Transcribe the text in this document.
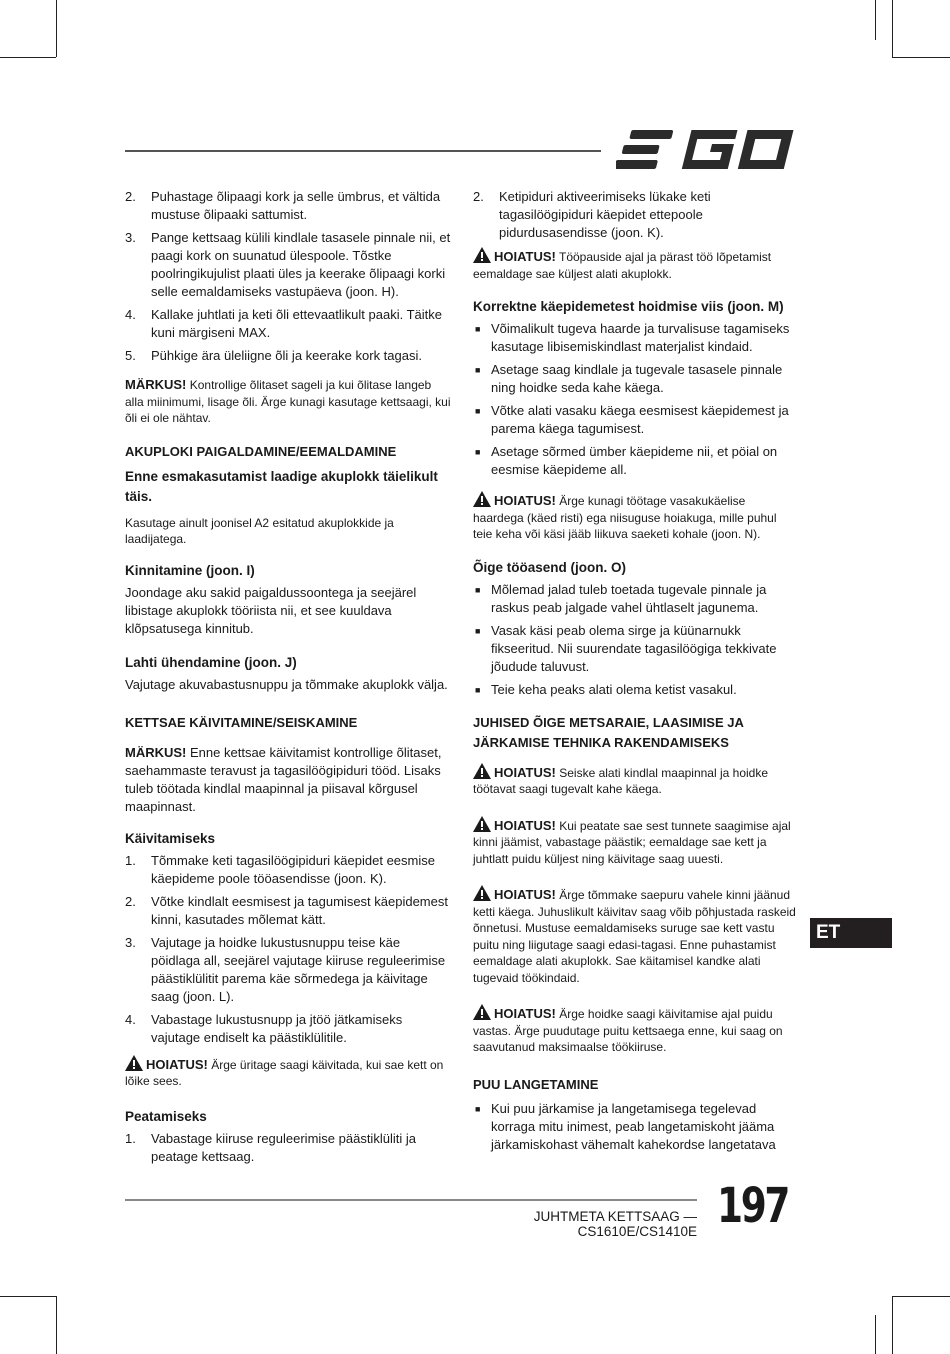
2.	Puhastage õlipaagi kork ja selle ümbrus, et vältida mustuse õlipaaki sattumist.
3.	Pange kettsaag külili kindlale tasasele pinnale nii, et paagi kork on suunatud ülespoole. Tõstke poolringikujulist plaati üles ja keerake õlipaagi korki selle eemaldamiseks vastupäeva (joon. H).
4.	Kallake juhtlati ja keti õli ettevaatlikult paaki. Täitke kuni märgiseni MAX.
5.	Pühkige ära üleliigne õli ja keerake kork tagasi.

MÄRKUS! Kontrollige õlitaset sageli ja kui õlitase langeb alla miinimumi, lisage õli. Ärge kunagi kasutage kettsaagi, kui õli ei ole nähtav.

AKUPLOKI PAIGALDAMINE/EEMALDAMINE
Enne esmakasutamist laadige akuplokk täielikult täis.

Kasutage ainult joonisel A2 esitatud akuplokkide ja laadijatega.

Kinnitamine (joon. I)

Joondage aku sakid paigaldussoontega ja seejärel libistage akuplokk tööriista nii, et see kuuldava klõpsatusega kinnitub.

Lahti ühendamine (joon. J)

Vajutage akuvabastusnuppu ja tõmmake akuplokk välja.

KETTSAE KÄIVITAMINE/SEISKAMINE

MÄRKUS! Enne kettsae käivitamist kontrollige õlitaset, saehammaste teravust ja tagasilöögipiduri tööd. Lisaks tuleb töötada kindlal maapinnal ja piisaval kõrgusel maapinnast.

Käivitamiseks
1.	Tõmmake keti tagasilöögipiduri käepidet eesmise käepideme poole tööasendisse (joon. K).
2.	Võtke kindlalt eesmisest ja tagumisest käepidemest kinni, kasutades mõlemat kätt.
3.	Vajutage ja hoidke lukustusnuppu teise käe pöidlaga all, seejärel vajutage kiiruse reguleerimise päästiklülitit parema käe sõrmedega ja käivitage saag (joon. L).
4.	Vabastage lukustusnupp ja jtöö jätkamiseks vajutage endiselt ka päästiklülitile.

HOIATUS! Ärge üritage saagi käivitada, kui sae kett on lõike sees.

Peatamiseks
1.	Vabastage kiiruse reguleerimise päästiklüliti ja peatage kettsaag.
2.	Ketipiduri aktiveerimiseks lükake keti tagasilöögipiduri käepidet ettepoole pidurdusasendisse (joon. K).

HOIATUS! Tööpauside ajal ja pärast töö lõpetamist eemaldage sae küljest alati akuplokk.

Korrektne käepidemetest hoidmise viis (joon. M)
■ Võimalikult tugeva haarde ja turvalisuse tagamiseks kasutage libisemiskindlast materjalist kindaid.
■ Asetage saag kindlale ja tugevale tasasele pinnale ning hoidke seda kahe käega.
■ Võtke alati vasaku käega eesmisest käepidemest ja parema käega tagumisest.
■ Asetage sõrmed ümber käepideme nii, et pöial on eesmise käepideme all.

HOIATUS! Ärge kunagi töötage vasakukäelise haardega (käed risti) ega niisuguse hoiakuga, mille puhul teie keha või käsi jääb liikuva saeketi kohale (joon. N).

Õige tööasend (joon. O)
■ Mõlemad jalad tuleb toetada tugevale pinnale ja raskus peab jalgade vahel ühtlaselt jagunema.
■ Vasak käsi peab olema sirge ja küünarnukk fikseeritud. Nii suurendate tagasilöögiga tekkivate jõudude taluvust.
■ Teie keha peaks alati olema ketist vasakul.
JUHISED ÕIGE METSARAIE, LAASIMISE JA JÄRKAMISE TEHNIKA RAKENDAMISEKS

HOIATUS! Seiske alati kindlal maapinnal ja hoidke töötavat saagi tugevalt kahe käega.

HOIATUS! Kui peatate sae sest tunnete saagimise ajal kinni jäämist, vabastage päästik; eemaldage sae kett ja juhtlatt puidu küljest ning käivitage saag uuesti.

HOIATUS! Ärge tõmmake saepuru vahele kinni jäänud ketti käega. Juhuslikult käivitav saag võib põhjustada raskeid õnnetusi. Mustuse eemaldamiseks suruge sae kett vastu puitu ning liigutage saagi edasi-tagasi. Enne puhastamist eemaldage alati akuplokk. Sae käitamisel kandke alati tugevaid töökindaid.

HOIATUS! Ärge hoidke saagi käivitamise ajal puidu vastas. Ärge puudutage puitu kettsaega enne, kui saag on saavutanud maksimaalse töökiiruse.

PUU LANGETAMINE
■ Kui puu järkamise ja langetamisega tegelevad korraga mitu inimest, peab langetamiskoht jääma järkamiskohast vähemalt kahekordse langetatava
ET
JUHTMETA KETTSAAG — CS1610E/CS1410E 197
